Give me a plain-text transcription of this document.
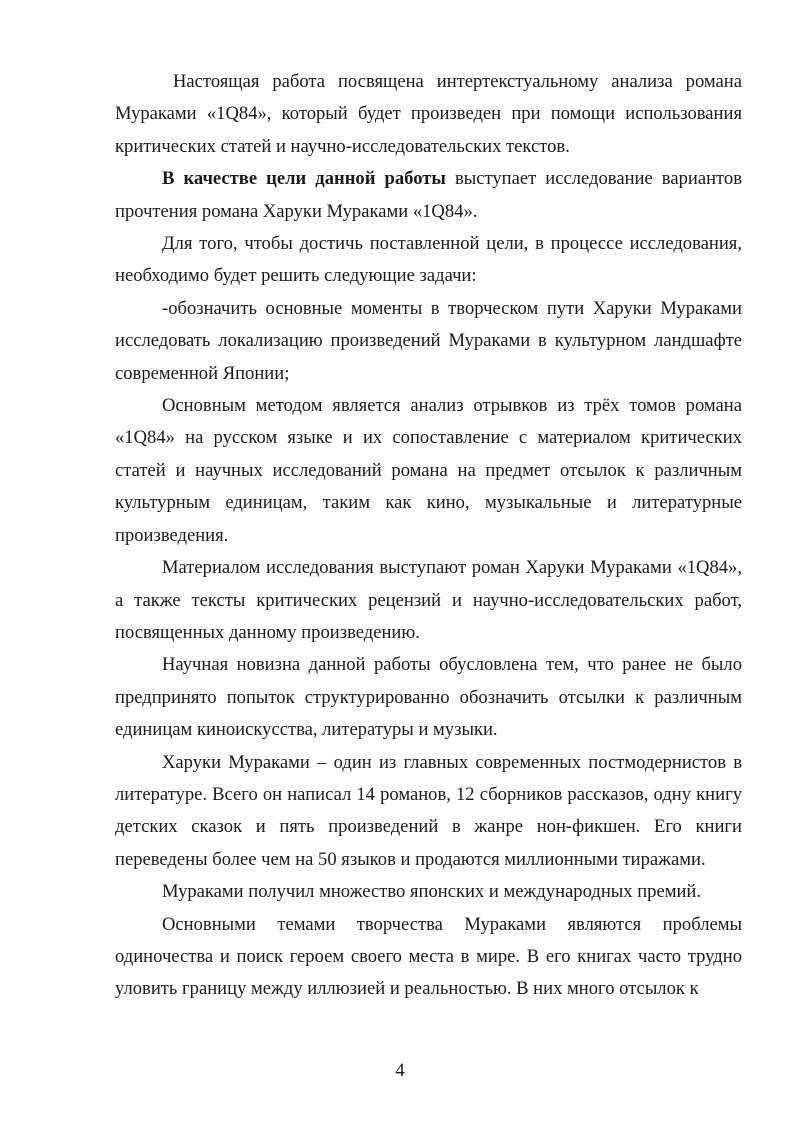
Настоящая работа посвящена интертекстуальному анализа романа Мураками «1Q84», который будет произведен при помощи использования критических статей и научно-исследовательских текстов.

В качестве цели данной работы выступает исследование вариантов прочтения романа Харуки Мураками «1Q84».

Для того, чтобы достичь поставленной цели, в процессе исследования, необходимо будет решить следующие задачи:

-обозначить основные моменты в творческом пути Харуки Мураками исследовать локализацию произведений Мураками в культурном ландшафте современной Японии;

Основным методом является анализ отрывков из трёх томов романа «1Q84» на русском языке и их сопоставление с материалом критических статей и научных исследований романа на предмет отсылок к различным культурным единицам, таким как кино, музыкальные и литературные произведения.

Материалом исследования выступают роман Харуки Мураками «1Q84», а также тексты критических рецензий и научно-исследовательских работ, посвященных данному произведению.

Научная новизна данной работы обусловлена тем, что ранее не было предпринято попыток структурированно обозначить отсылки к различным единицам киноискусства, литературы и музыки.

Харуки Мураками – один из главных современных постмодернистов в литературе. Всего он написал 14 романов, 12 сборников рассказов, одну книгу детских сказок и пять произведений в жанре нон-фикшен. Его книги переведены более чем на 50 языков и продаются миллионными тиражами.

Мураками получил множество японских и международных премий.

Основными темами творчества Мураками являются проблемы одиночества и поиск героем своего места в мире. В его книгах часто трудно уловить границу между иллюзией и реальностью. В них много отсылок к

4
